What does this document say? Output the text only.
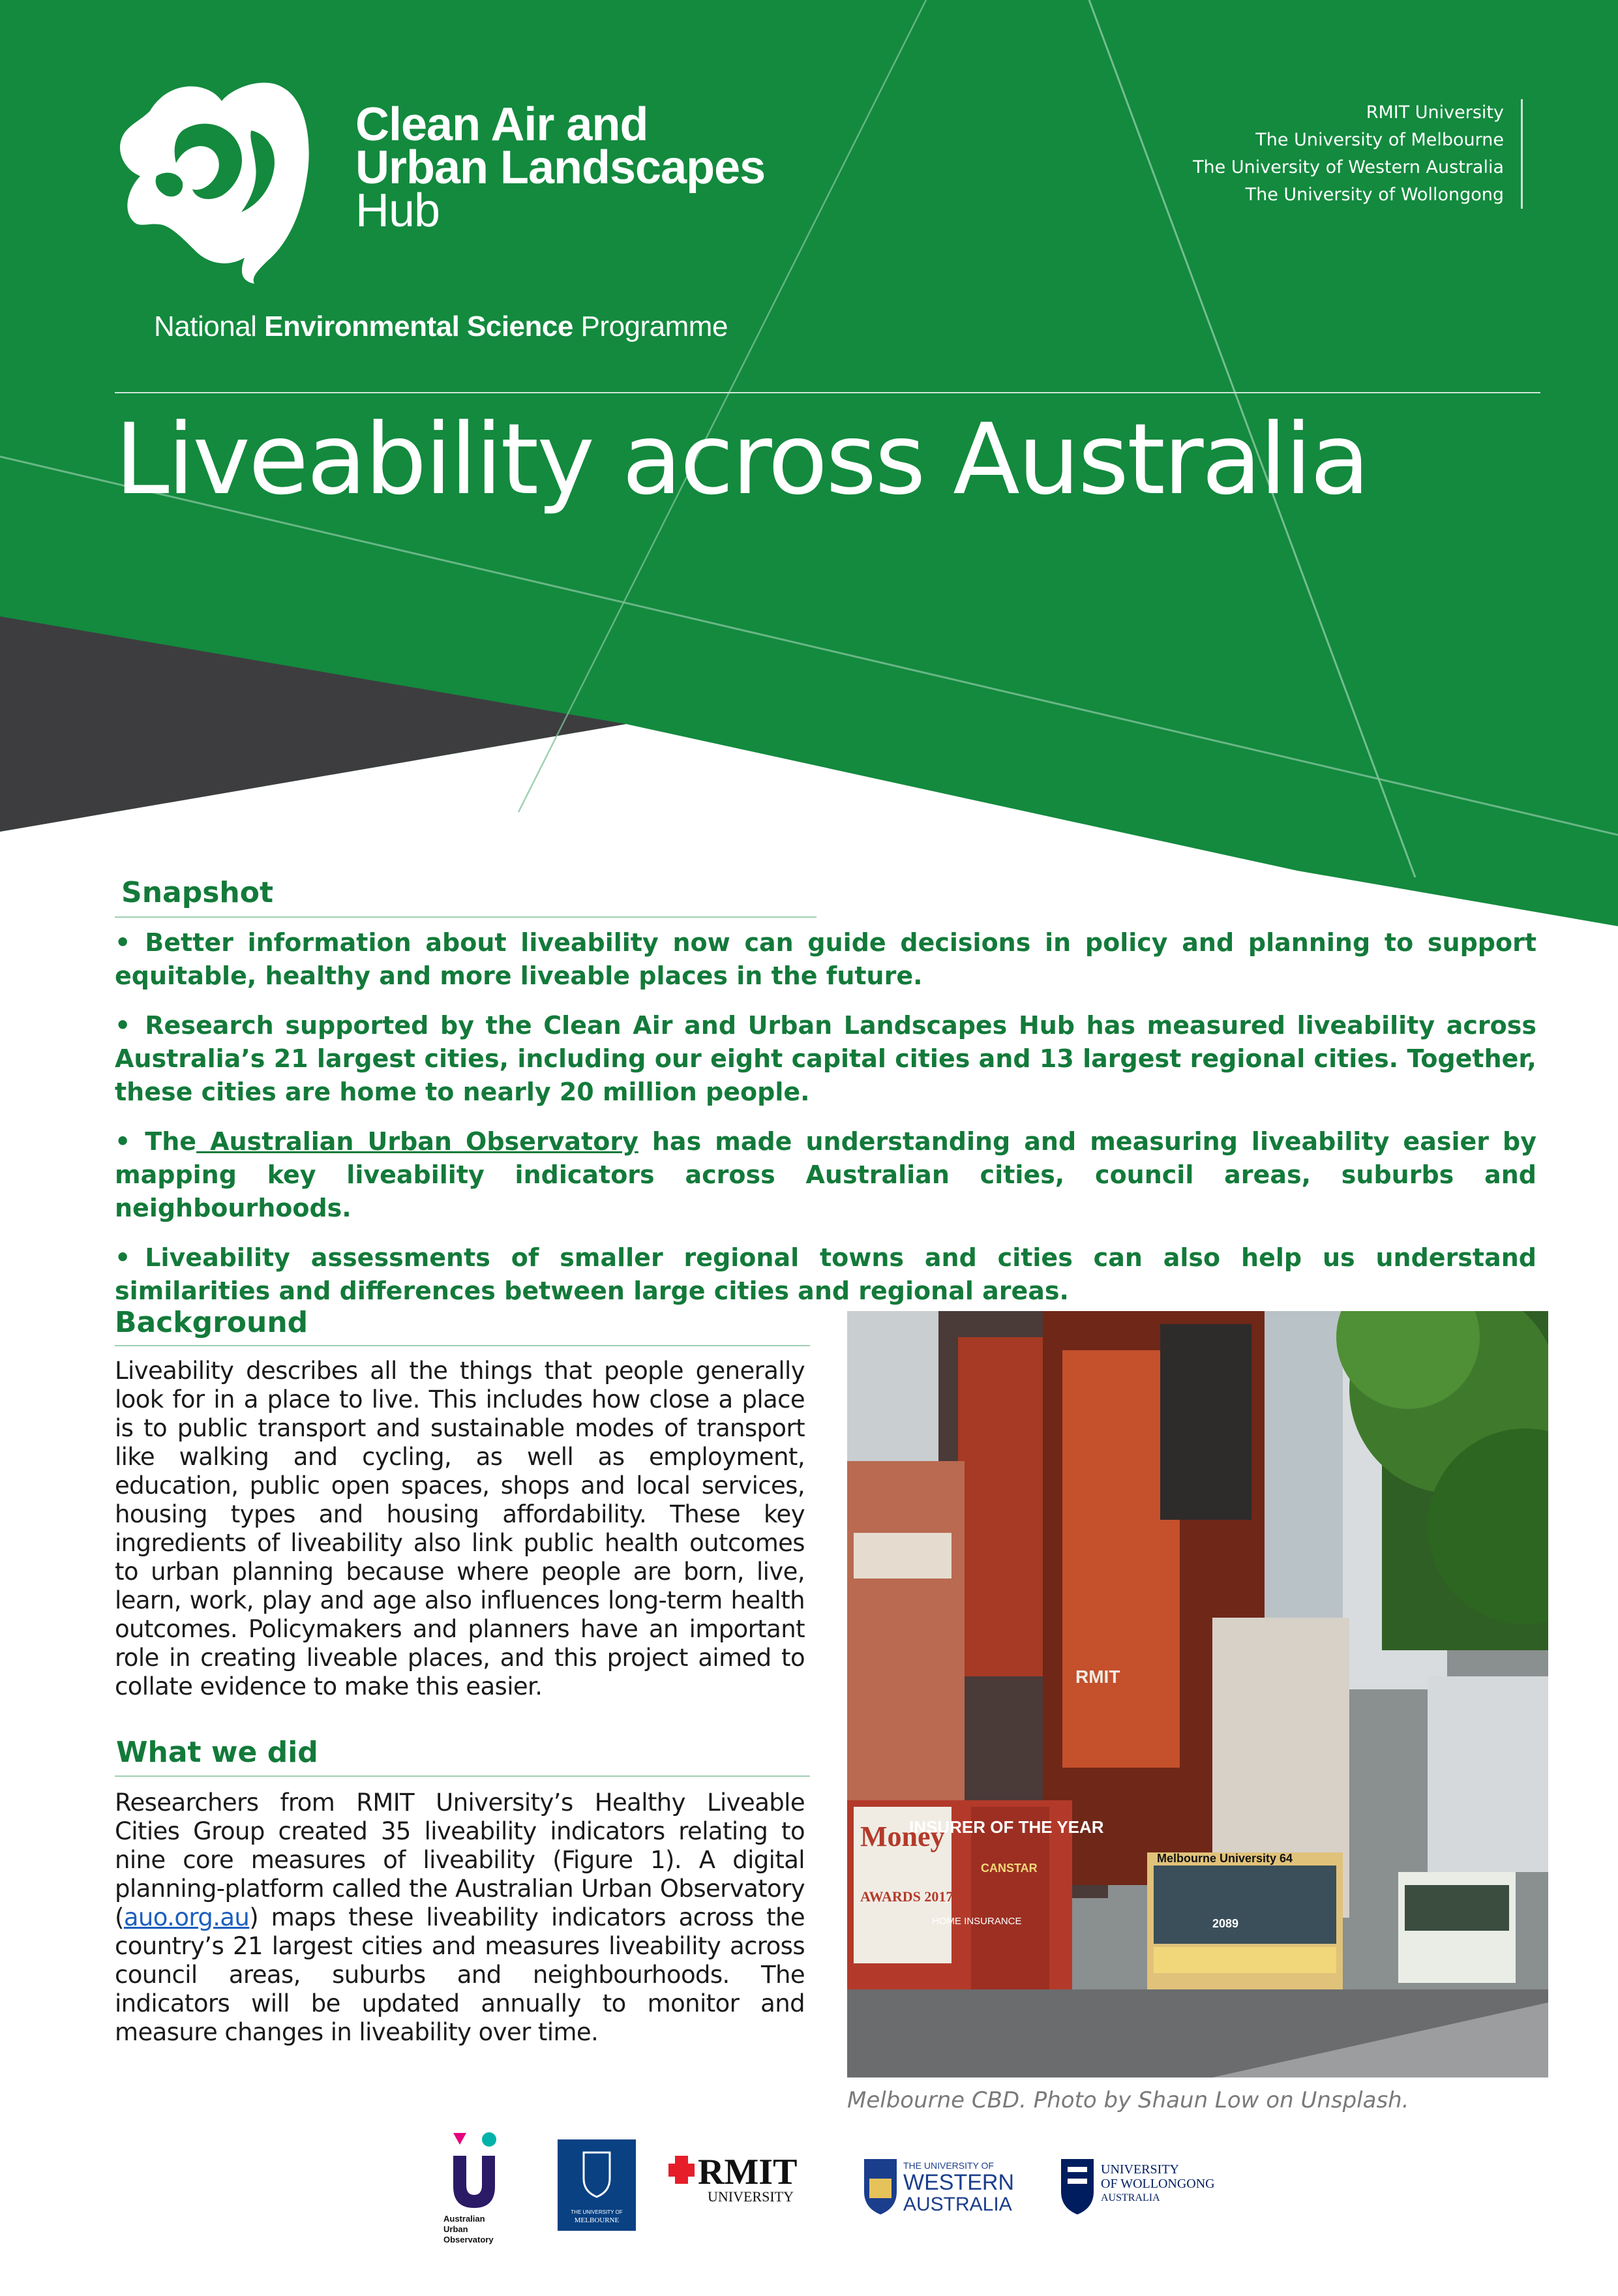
Clean Air and
Urban Landscapes
Hub
National Environmental Science Programme
RMIT University
The University of Melbourne
The University of Western Australia
The University of Wollongong
Liveability across Australia
Snapshot
• Better information about liveability now can guide decisions in policy and planning to support equitable, healthy and more liveable places in the future.
• Research supported by the Clean Air and Urban Landscapes Hub has measured liveability across Australia’s 21 largest cities, including our eight capital cities and 13 largest regional cities. Together, these cities are home to nearly 20 million people.
• The Australian Urban Observatory has made understanding and measuring liveability easier by mapping key liveability indicators across Australian cities, council areas, suburbs and neighbourhoods.
• Liveability assessments of smaller regional towns and cities can also help us understand similarities and differences between large cities and regional areas.
Background
Liveability describes all the things that people generally look for in a place to live. This includes how close a place is to public transport and sustainable modes of transport like walking and cycling, as well as employment, education, public open spaces, shops and local services, housing types and housing affordability. These key ingredients of liveability also link public health outcomes to urban planning because where people are born, live, learn, work, play and age also influences long-term health outcomes. Policymakers and planners have an important role in creating liveable places, and this project aimed to collate evidence to make this easier.
What we did
Researchers from RMIT University’s Healthy Liveable Cities Group created 35 liveability indicators relating to nine core measures of liveability (Figure 1). A digital planning-platform called the Australian Urban Observatory (auo.org.au) maps these liveability indicators across the country’s 21 largest cities and measures liveability across council areas, suburbs and neighbourhoods. The indicators will be updated annually to monitor and measure changes in liveability over time.
INSURER OF THE YEAR
Money
AWARDS 2017
CANSTAR
HOME INSURANCE
Budget Direct
RMIT
Melbourne University 64
2089
Melbourne CBD. Photo by Shaun Low on Unsplash.
Australian
Urban
Observatory
THE UNIVERSITY OF
MELBOURNE
RMIT
UNIVERSITY
THE UNIVERSITY OF
WESTERN
AUSTRALIA
UNIVERSITY
OF WOLLONGONG
AUSTRALIA
